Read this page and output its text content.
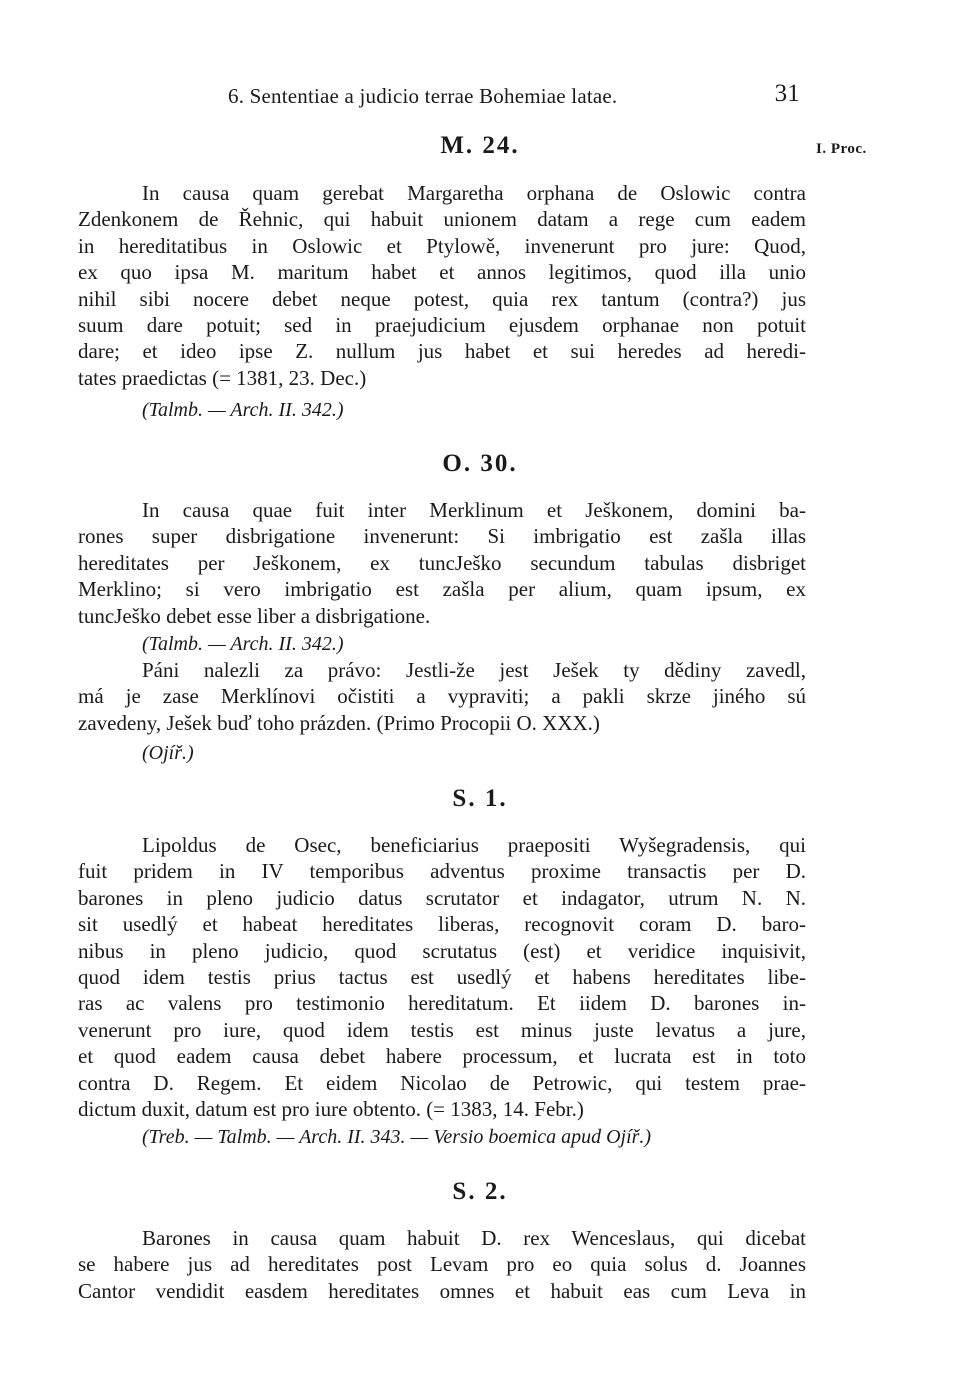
6. Sententiae a judicio terrae Bohemiae latae.	31
I. Proc.
M. 24.
In causa quam gerebat Margaretha orphana de Oslowic contra
Zdenkonem de Řehnic, qui habuit unionem datam a rege cum eadem
in hereditatibus in Oslowic et Ptylowě, invenerunt pro jure: Quod,
ex quo ipsa M. maritum habet et annos legitimos, quod illa unio
nihil sibi nocere debet neque potest, quia rex tantum (contra?) jus
suum dare potuit; sed in praejudicium ejusdem orphanae non potuit
dare; et ideo ipse Z. nullum jus habet et sui heredes ad heredi-
tates praedictas (= 1381, 23. Dec.)
(Talmb. — Arch. II. 342.)
O. 30.
In causa quae fuit inter Merklinum et Ješkonem, domini ba-
rones super disbrigatione invenerunt: Si imbrigatio est zašla illas
hereditates per Ješkonem, ex tuncJeško secundum tabulas disbriget
Merklino; si vero imbrigatio est zašla per alium, quam ipsum, ex
tuncJeško debet esse liber a disbrigatione.
(Talmb. — Arch. II. 342.)
Páni nalezli za právo: Jestli-že jest Ješek ty dědiny zavedl,
má je zase Merklínovi očistiti a vypraviti; a pakli skrze jiného sú
zavedeny, Ješek buď toho prázden. (Primo Procopii O. XXX.)
(Ojíř.)
S. 1.
Lipoldus de Osec, beneficiarius praepositi Wyšegradensis, qui
fuit pridem in IV temporibus adventus proxime transactis per D.
barones in pleno judicio datus scrutator et indagator, utrum N. N.
sit usedlý et habeat hereditates liberas, recognovit coram D. baro-
nibus in pleno judicio, quod scrutatus (est) et veridice inquisivit,
quod idem testis prius tactus est usedlý et habens hereditates libe-
ras ac valens pro testimonio hereditatum. Et iidem D. barones in-
venerunt pro iure, quod idem testis est minus juste levatus a jure,
et quod eadem causa debet habere processum, et lucrata est in toto
contra D. Regem. Et eidem Nicolao de Petrowic, qui testem prae-
dictum duxit, datum est pro iure obtento. (= 1383, 14. Febr.)
(Treb. — Talmb. — Arch. II. 343. — Versio boemica apud Ojíř.)
S. 2.
Barones in causa quam habuit D. rex Wenceslaus, qui dicebat
se habere jus ad hereditates post Levam pro eo quia solus d. Joannes
Cantor vendidit easdem hereditates omnes et habuit eas cum Leva in
